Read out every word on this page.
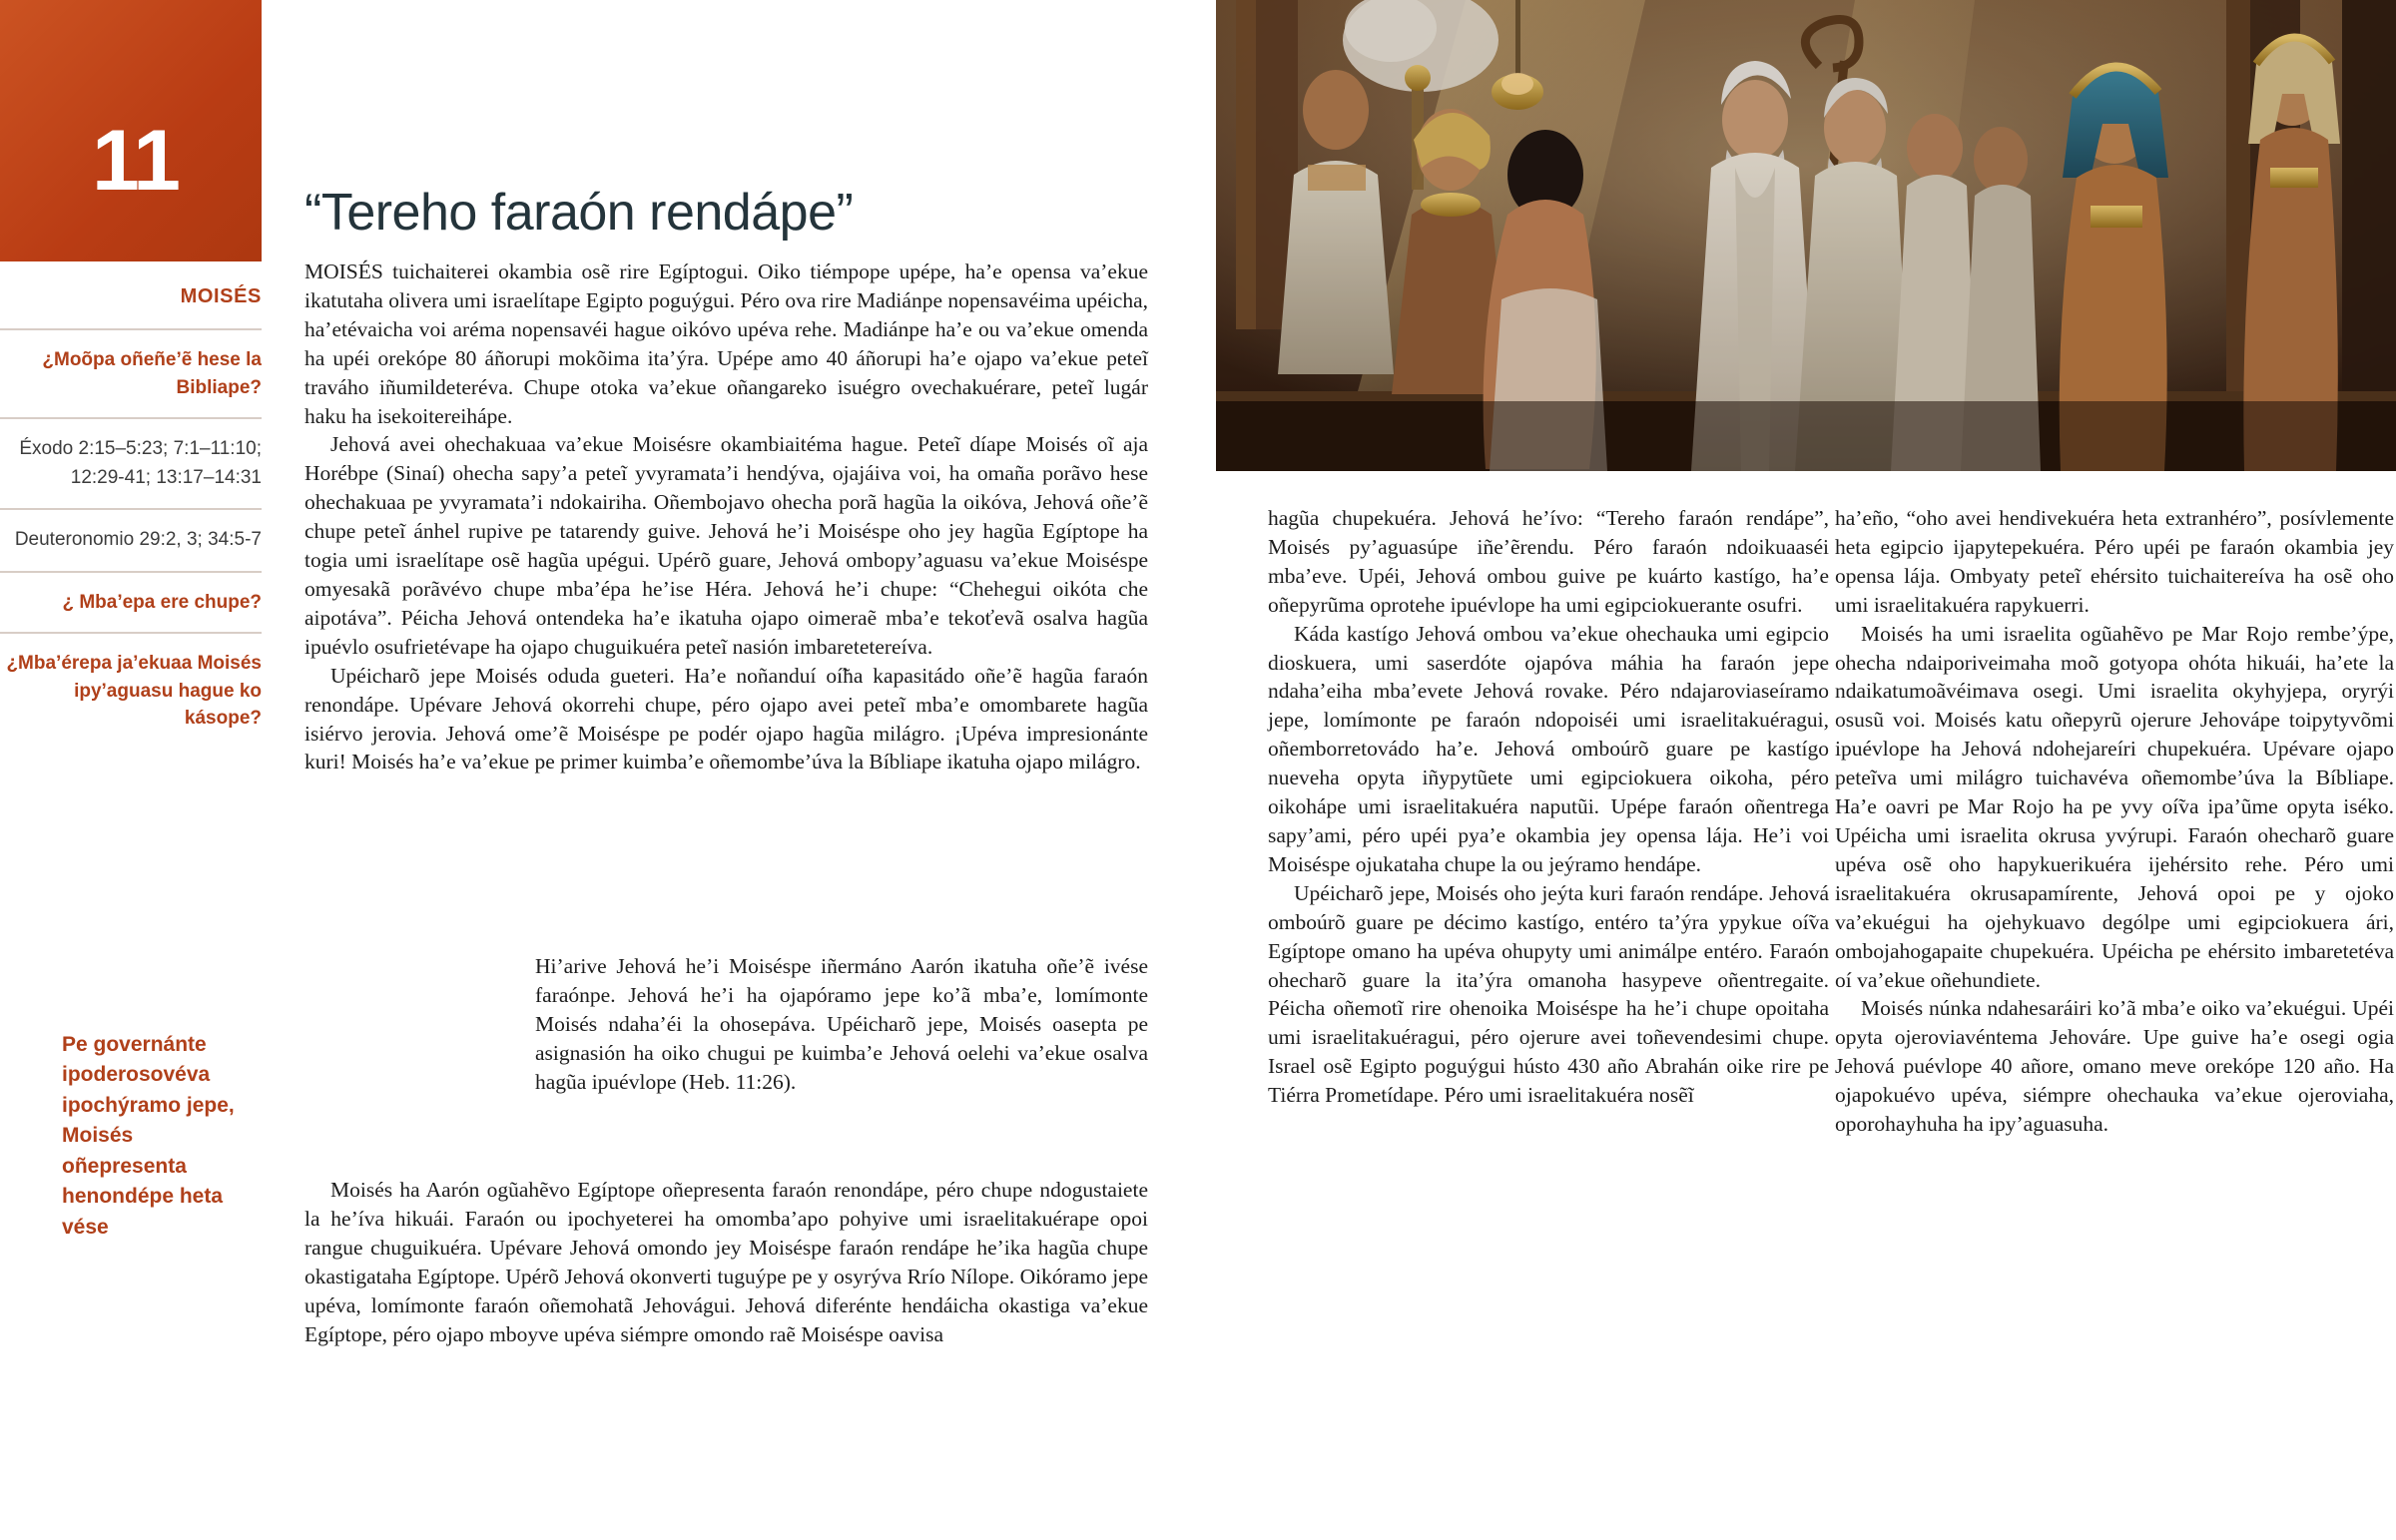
11
MOISÉS
¿Moõpa oñeñe’ẽ hese la Bibliape?
Éxodo 2:15–5:23; 7:1–11:10; 12:29-41; 13:17–14:31
Deuteronomio 29:2, 3; 34:5-7
¿ Mba’epa ere chupe?
¿Mba’érepa ja’ekuaa Moisés ipy’aguasu hague ko kásope?
Pe governánte ipoderosovéva ipochýramo jepe, Moisés oñepresenta henondépe heta vése
“Tereho faraón rendápe”

MOISÉS tuichaiterei okambia osẽ rire Egíptogui. Oiko tiémpope upépe, ha’e opensa va’ekue ikatutaha olivera umi israelítape Egipto poguýgui. Péro ova rire Madiánpe nopensavéima upéicha, ha’etévaicha voi aréma nopensavéi hague oikóvo upéva rehe. Madiánpe ha’e ou va’ekue omenda ha upéi orekópe 80 áñorupi mokõima ita’ýra. Upépe amo 40 áñorupi ha’e ojapo va’ekue peteĩ traváho iñumildeteréva. Chupe otoka va’ekue oñangareko isuégro ovechakuérare, peteĩ lugár haku ha isekoitereihápe.

Jehová avei ohechakuaa va’ekue Moisésre okambiaitéma hague. Peteĩ díape Moisés oĩ aja Horébpe (Sinaí) ohecha sapy’a peteĩ yvyramata’i hendýva, ojajáiva voi, ha omaña porãvo hese ohechakuaa pe yvyramata’i ndokairiha. Oñembojavo ohecha porã hagũa la oikóva, Jehová oñe’ẽ chupe peteĩ ánhel rupive pe tatarendy guive. Jehová he’i Moiséspe oho jey hagũa Egíptope ha togia umi israelítape osẽ hagũa upégui. Upérõ guare, Jehová ombopy’aguasu va’ekue Moiséspe omyesakã porãvévo chupe mba’épa he’ise Héra. Jehová he’i chupe: “Chehegui oikóta che aipotáva”. Péicha Jehová ontendeka ha’e ikatuha ojapo oimeraẽ mba’e tekoťevã osalva hagũa ipuévlo osufrietévape ha ojapo chuguikuéra peteĩ nasión imbaretetereíva.

Upéicharõ jepe Moisés oduda gueteri. Ha’e noñanduí oí̃ha kapasitádo oñe’ẽ hagũa faraón renondápe. Upévare Jehová okorrehi chupe, péro ojapo avei peteĩ mba’e omombarete hagũa isiérvo jerovia. Jehová ome’ẽ Moiséspe pe podér ojapo hagũa milágro. ¡Upéva impresionánte kuri! Moisés ha’e va’ekue pe primer kuimba’e oñemombe’úva la Bíbliape ikatuha ojapo milágro.

Hi’arive Jehová he’i Moiséspe iñermáno Aarón ikatuha oñe’ẽ ivése faraónpe. Jehová he’i ha ojapóramo jepe ko’ã mba’e, lomímonte Moisés ndaha’éi la ohosepáva. Upéicharõ jepe, Moisés oasepta pe asignasión ha oiko chugui pe kuimba’e Jehová oelehi va’ekue osalva hagũa ipuévlope (Heb. 11:26).

Moisés ha Aarón ogũahẽvo Egíptope oñepresenta faraón renondápe, péro chupe ndogustaiete la he’íva hikuái. Faraón ou ipochyeterei ha omomba’apo pohyive umi israelitakuérape opoi rangue chuguikuéra. Upévare Jehová omondo jey Moiséspe faraón rendápe he’ika hagũa chupe okastigataha Egíptope. Upérõ Jehová okonverti tuguýpe pe y osyrýva Rrío Nílope. Oikóramo jepe upéva, lomímonte faraón oñemohatã Jehovágui. Jehová diferénte hendáicha okastiga va’ekue Egíptope, péro ojapo mboyve upéva siémpre omondo raẽ Moiséspe oavisa

hagũa chupekuéra. Jehová he’ívo: “Tereho faraón rendápe”, Moisés py’aguasúpe iñe’ẽrendu. Péro faraón ndoikuaaséi mba’eve. Upéi, Jehová ombou guive pe kuárto kastígo, ha’e oñepyrũma oprotehe ipuévlope ha umi egipciokuerante osufri.

Káda kastígo Jehová ombou va’ekue ohechauka umi egipcio dioskuera, umi saserdóte ojapóva máhia ha faraón jepe ndaha’eiha mba’evete Jehová rovake. Péro ndajaroviaseíramo jepe, lomímonte pe faraón ndopoiséi umi israelitakuéragui, oñemborretovádo ha’e. Jehová omboúrõ guare pe kastígo nueveha opyta iñypytũete umi egipciokuera oikoha, péro oikohápe umi israelitakuéra naputũi. Upépe faraón oñentrega sapy’ami, péro upéi pya’e okambia jey opensa lája. He’i voi Moiséspe ojukataha chupe la ou jeýramo hendápe.

Upéicharõ jepe, Moisés oho jeýta kuri faraón rendápe. Jehová omboúrõ guare pe décimo kastígo, entéro ta’ýra ypykue oí̃va Egíptope omano ha upéva ohupyty umi animálpe entéro. Faraón ohecharõ guare la ita’ýra omanoha hasypeve oñentregaite. Péicha oñemotĩ rire ohenoika Moiséspe ha he’i chupe opoitaha umi israelitakuéragui, péro ojerure avei toñevendesimi chupe. Israel osẽ Egipto poguýgui hústo 430 año Abrahán oike rire pe Tiérra Prometídape. Péro umi israelitakuéra nosẽĩ

ha’eño, “oho avei hendivekuéra heta extranhéro”, posívlemente heta egipcio ijapytepekuéra. Péro upéi pe faraón okambia jey opensa lája. Ombyaty peteĩ ehérsito tuichaitereíva ha osẽ oho umi israelitakuéra rapykuerri.

Moisés ha umi israelita ogũahẽvo pe Mar Rojo rembe’ýpe, ohecha ndaiporiveimaha moõ gotyopa ohóta hikuái, ha’ete la ndaikatumoãvéimava osegi. Umi israelita okyhyjepa, oryrýi osusũ voi. Moisés katu oñepyrũ ojerure Jehovápe toipytyvõmi ipuévlope ha Jehová ndohejareíri chupekuéra. Upévare ojapo peteĩva umi milágro tuichavéva oñemombe’úva la Bíbliape. Ha’e oavri pe Mar Rojo ha pe yvy oí̃va ipa’ũme opyta iséko. Upéicha umi israelita okrusa yvýrupi. Faraón ohecharõ guare upéva osẽ oho hapykuerikuéra ijehérsito rehe. Péro umi israelitakuéra okrusapamírente, Jehová opoi pe y ojoko va’ekuégui ha ojehykuavo dególpe umi egipciokuera ári, ombojahogapaite chupekuéra. Upéicha pe ehérsito imbaretetéva oí va’ekue oñehundiete.

Moisés núnka ndahesaráiri ko’ã mba’e oiko va’ekuégui. Upéi opyta ojeroviavéntema Jehováre. Upe guive ha’e osegi ogia Jehová puévlope 40 añore, omano meve orekópe 120 año. Ha ojapokuévo upéva, siémpre ohechauka va’ekue ojeroviaha, oporohayhuha ha ipy’aguasuha.
